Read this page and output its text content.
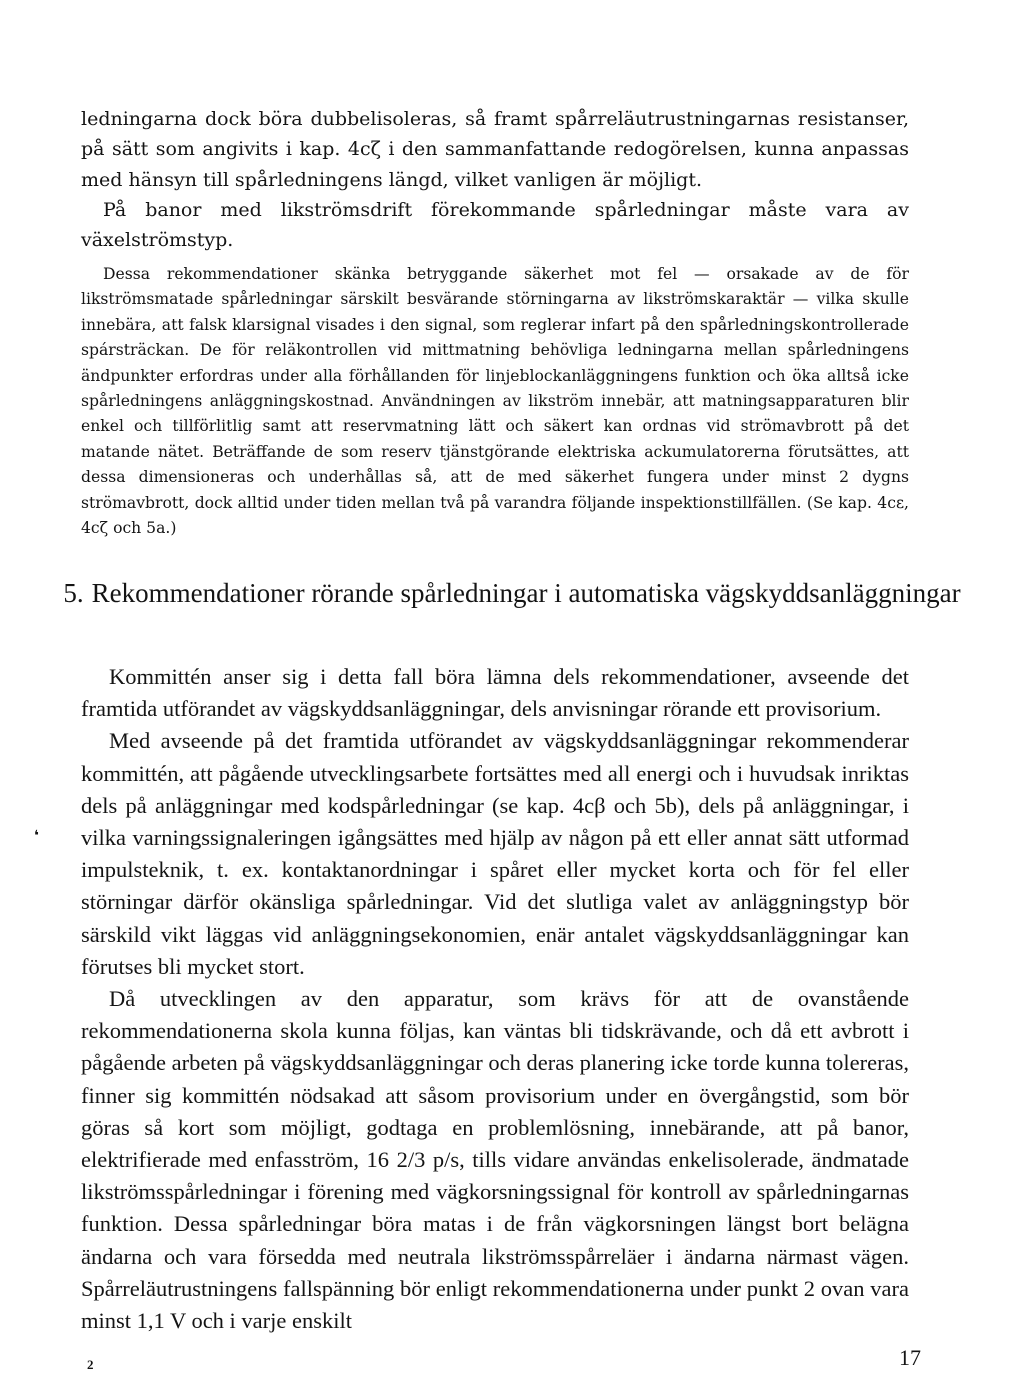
ledningarna dock böra dubbelisoleras, så framt spårreläutrustningarnas resistanser, på sätt som angivits i kap. 4cζ i den sammanfattande redogörelsen, kunna anpassas med hänsyn till spårledningens längd, vilket vanligen är möjligt.

På banor med likströmsdrift förekommande spårledningar måste vara av växelströmstyp.

Dessa rekommendationer skänka betryggande säkerhet mot fel — orsakade av de för likströmsmatade spårledningar särskilt besvärande störningarna av likströmskaraktär — vilka skulle innebära, att falsk klarsignal visades i den signal, som reglerar infart på den spårledningskontrollerade spársträckan. De för reläkontrollen vid mittmatning behövliga ledningarna mellan spårledningens ändpunkter erfordras under alla förhållanden för linjeblockanläggningens funktion och öka alltså icke spårledningens anläggningskostnad. Användningen av likström innebär, att matningsapparaturen blir enkel och tillförlitlig samt att reservmatning lätt och säkert kan ordnas vid strömavbrott på det matande nätet. Beträffande de som reserv tjänstgörande elektriska ackumulatorerna förutsättes, att dessa dimensioneras och underhållas så, att de med säkerhet fungera under minst 2 dygns strömavbrott, dock alltid under tiden mellan två på varandra följande inspektionstillfällen. (Se kap. 4cε, 4cζ och 5a.)

5. Rekommendationer rörande spårledningar i automatiska vägskyddsanläggningar

Kommittén anser sig i detta fall böra lämna dels rekommendationer, avseende det framtida utförandet av vägskyddsanläggningar, dels anvisningar rörande ett provisorium.

Med avseende på det framtida utförandet av vägskyddsanläggningar rekommenderar kommittén, att pågående utvecklingsarbete fortsättes med all energi och i huvudsak inriktas dels på anläggningar med kodspårledningar (se kap. 4cβ och 5b), dels på anläggningar, i vilka varningssignaleringen igångsättes med hjälp av någon på ett eller annat sätt utformad impulsteknik, t. ex. kontaktanordningar i spåret eller mycket korta och för fel eller störningar därför okänsliga spårledningar. Vid det slutliga valet av anläggningstyp bör särskild vikt läggas vid anläggningsekonomien, enär antalet vägskyddsanläggningar kan förutses bli mycket stort.

Då utvecklingen av den apparatur, som krävs för att de ovanstående rekommendationerna skola kunna följas, kan väntas bli tidskrävande, och då ett avbrott i pågående arbeten på vägskyddsanläggningar och deras planering icke torde kunna tolereras, finner sig kommittén nödsakad att såsom provisorium under en övergångstid, som bör göras så kort som möjligt, godtaga en problemlösning, innebärande, att på banor, elektrifierade med enfasström, 16 2/3 p/s, tills vidare användas enkelisolerade, ändmatade likströmsspårledningar i förening med vägkorsningssignal för kontroll av spårledningarnas funktion. Dessa spårledningar böra matas i de från vägkorsningen längst bort belägna ändarna och vara försedda med neutrala likströmsspårreläer i ändarna närmast vägen. Spårreläutrustningens fallspänning bör enligt rekommendationerna under punkt 2 ovan vara minst 1,1 V och i varje enskilt

❛
2	17
